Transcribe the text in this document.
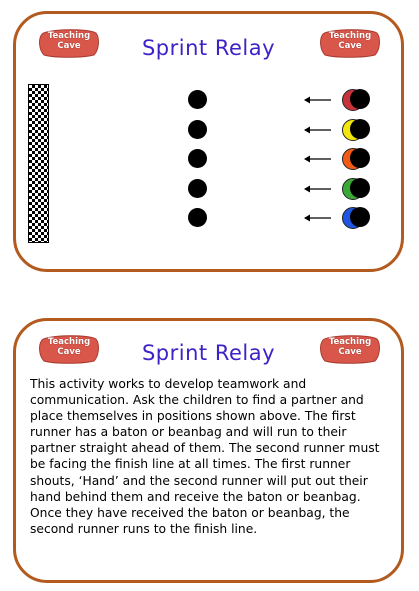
Teaching Cave	Sprint Relay	Teaching Cave
Teaching Cave	Sprint Relay	Teaching Cave
This activity works to develop teamwork and communication. Ask the children to find a partner and place themselves in positions shown above. The first runner has a baton or beanbag and will run to their partner straight ahead of them. The second runner must be facing the finish line at all times. The first runner shouts, ‘Hand’ and the second runner will put out their hand behind them and receive the baton or beanbag. Once they have received the baton or beanbag, the second runner runs to the finish line.
